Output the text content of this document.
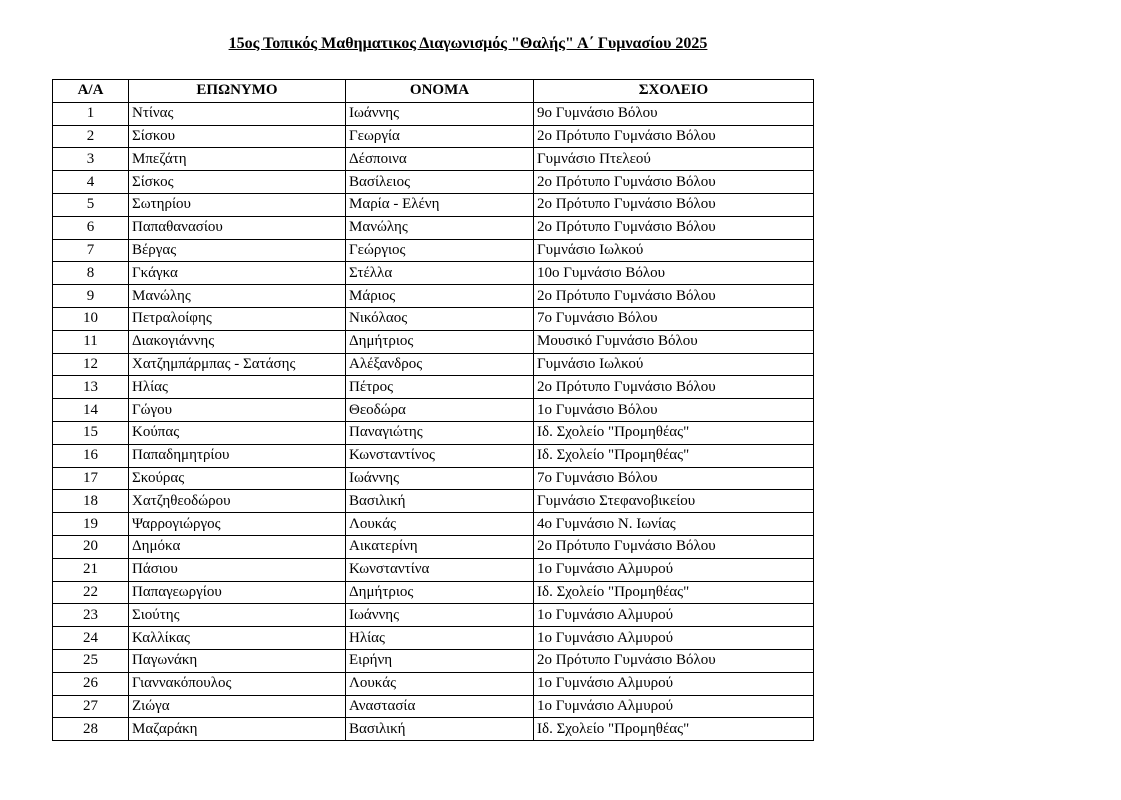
15ος Τοπικός Μαθηματικος Διαγωνισμός "Θαλής" Α΄ Γυμνασίου 2025
Α/Α	ΕΠΩΝΥΜΟ	ΟΝΟΜΑ	ΣΧΟΛΕΙΟ
1	Ντίνας	Ιωάννης	9ο Γυμνάσιο Βόλου
2	Σίσκου	Γεωργία	2ο Πρότυπο Γυμνάσιο Βόλου
3	Μπεζάτη	Δέσποινα	Γυμνάσιο Πτελεού
4	Σίσκος	Βασίλειος	2ο Πρότυπο Γυμνάσιο Βόλου
5	Σωτηρίου	Μαρία - Ελένη	2ο Πρότυπο Γυμνάσιο Βόλου
6	Παπαθανασίου	Μανώλης	2ο Πρότυπο Γυμνάσιο Βόλου
7	Βέργας	Γεώργιος	Γυμνάσιο Ιωλκού
8	Γκάγκα	Στέλλα	10ο Γυμνάσιο Βόλου
9	Μανώλης	Μάριος	2ο Πρότυπο Γυμνάσιο Βόλου
10	Πετραλοίφης	Νικόλαος	7ο Γυμνάσιο Βόλου
11	Διακογιάννης	Δημήτριος	Μουσικό Γυμνάσιο Βόλου
12	Χατζημπάρμπας - Σατάσης	Αλέξανδρος	Γυμνάσιο Ιωλκού
13	Ηλίας	Πέτρος	2ο Πρότυπο Γυμνάσιο Βόλου
14	Γώγου	Θεοδώρα	1ο Γυμνάσιο Βόλου
15	Κούπας	Παναγιώτης	Ιδ. Σχολείο "Προμηθέας"
16	Παπαδημητρίου	Κωνσταντίνος	Ιδ. Σχολείο "Προμηθέας"
17	Σκούρας	Ιωάννης	7ο Γυμνάσιο Βόλου
18	Χατζηθεοδώρου	Βασιλική	Γυμνάσιο Στεφανοβικείου
19	Ψαρρογιώργος	Λουκάς	4ο Γυμνάσιο Ν. Ιωνίας
20	Δημόκα	Αικατερίνη	2ο Πρότυπο Γυμνάσιο Βόλου
21	Πάσιου	Κωνσταντίνα	1ο Γυμνάσιο Αλμυρού
22	Παπαγεωργίου	Δημήτριος	Ιδ. Σχολείο "Προμηθέας"
23	Σιούτης	Ιωάννης	1ο Γυμνάσιο Αλμυρού
24	Καλλίκας	Ηλίας	1ο Γυμνάσιο Αλμυρού
25	Παγωνάκη	Ειρήνη	2ο Πρότυπο Γυμνάσιο Βόλου
26	Γιαννακόπουλος	Λουκάς	1ο Γυμνάσιο Αλμυρού
27	Ζιώγα	Αναστασία	1ο Γυμνάσιο Αλμυρού
28	Μαζαράκη	Βασιλική	Ιδ. Σχολείο "Προμηθέας"
